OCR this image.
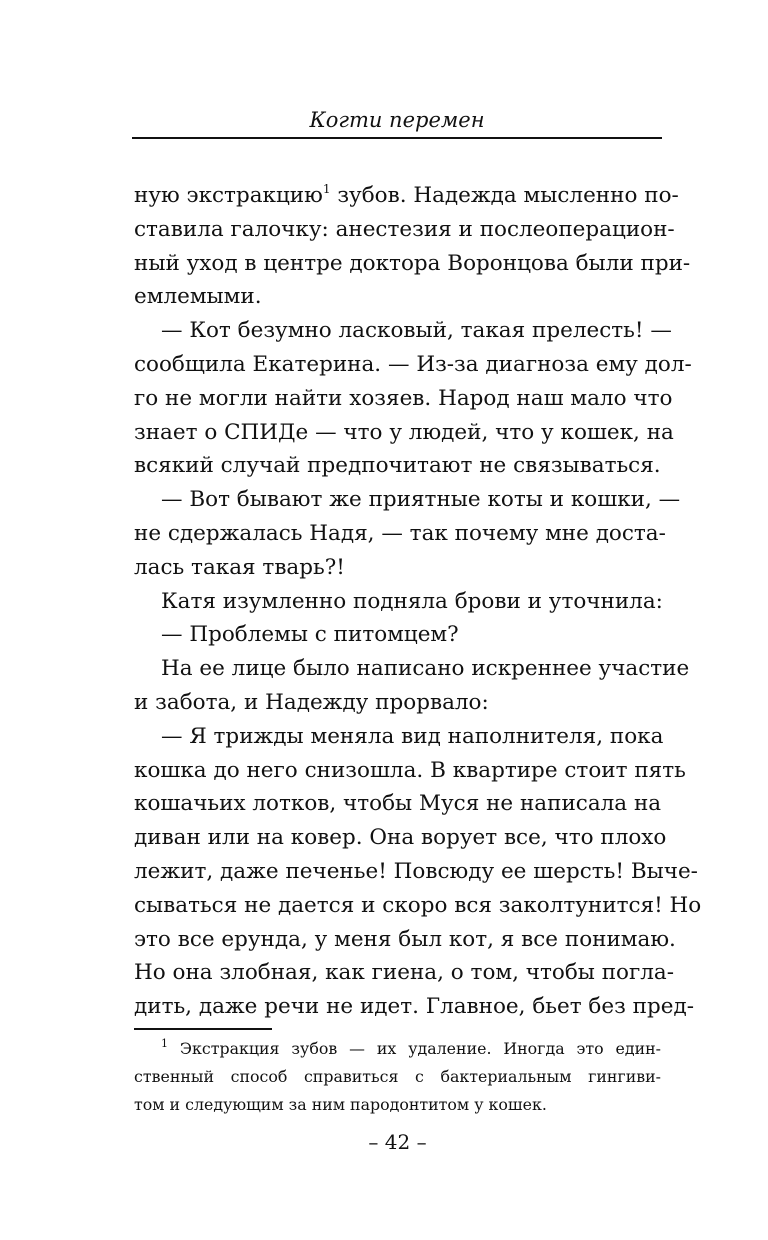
Когти перемен
ную экстракцию$^1$ зубов. Надежда мысленно по-
ставила галочку: анестезия и послеоперацион-
ный уход в центре доктора Воронцова были при-
емлемыми.
— Кот безумно ласковый, такая прелесть! —
сообщила Екатерина. — Из-за диагноза ему дол-
го не могли найти хозяев. Народ наш мало что
знает о СПИДе — что у людей, что у кошек, на
всякий случай предпочитают не связываться.
— Вот бывают же приятные коты и кошки, —
не сдержалась Надя, — так почему мне доста-
лась такая тварь?!
Катя изумленно подняла брови и уточнила:
— Проблемы с питомцем?
На ее лице было написано искреннее участие
и забота, и Надежду прорвало:
— Я трижды меняла вид наполнителя, пока
кошка до него снизошла. В квартире стоит пять
кошачьих лотков, чтобы Муся не написала на
диван или на ковер. Она ворует все, что плохо
лежит, даже печенье! Повсюду ее шерсть! Выче-
сываться не дается и скоро вся заколтунится! Но
это все ерунда, у меня был кот, я все понимаю.
Но она злобная, как гиена, о том, чтобы погла-
дить, даже речи не идет. Главное, бьет без пред-
$^1$ Экстракция зубов — их удаление. Иногда это един-
ственный способ справиться с бактериальным гингиви-
том и следующим за ним пародонтитом у кошек.
– 42 –
